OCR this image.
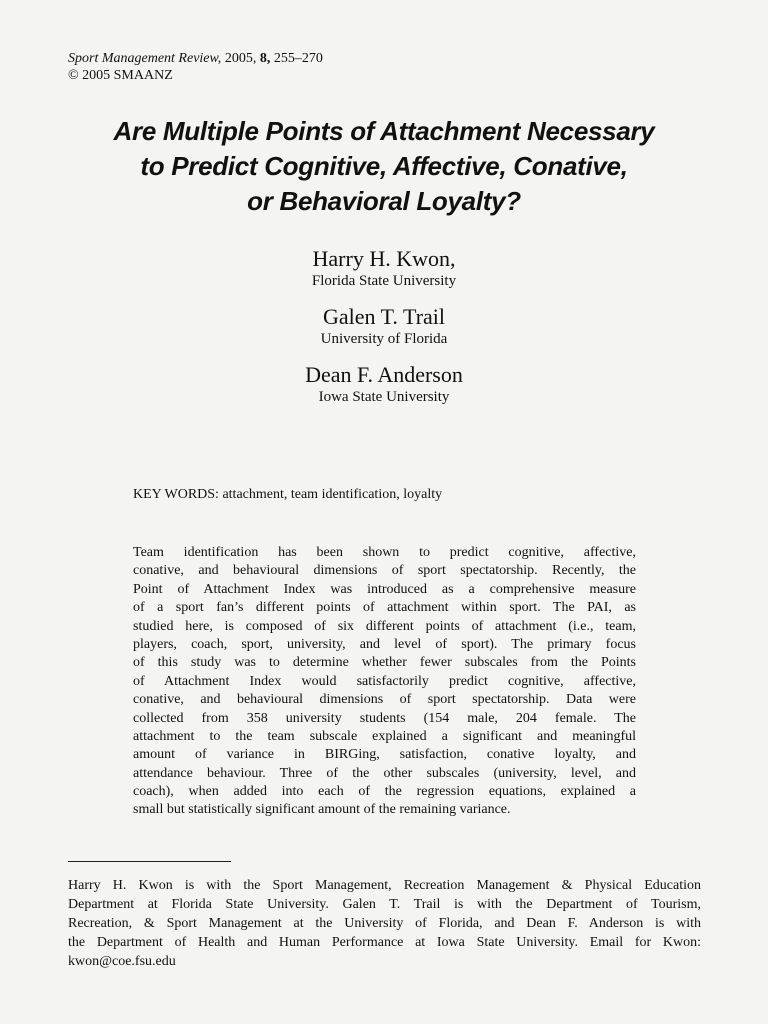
Sport Management Review, 2005, 8, 255–270
© 2005 SMAANZ
Are Multiple Points of Attachment Necessary
to Predict Cognitive, Affective, Conative,
or Behavioral Loyalty?
Harry H. Kwon,
Florida State University
Galen T. Trail
University of Florida
Dean F. Anderson
Iowa State University
KEY WORDS: attachment, team identification, loyalty
Team identification has been shown to predict cognitive, affective,
conative, and behavioural dimensions of sport spectatorship. Recently, the
Point of Attachment Index was introduced as a comprehensive measure
of a sport fan’s different points of attachment within sport. The PAI, as
studied here, is composed of six different points of attachment (i.e., team,
players, coach, sport, university, and level of sport). The primary focus
of this study was to determine whether fewer subscales from the Points
of Attachment Index would satisfactorily predict cognitive, affective,
conative, and behavioural dimensions of sport spectatorship. Data were
collected from 358 university students (154 male, 204 female. The
attachment to the team subscale explained a significant and meaningful
amount of variance in BIRGing, satisfaction, conative loyalty, and
attendance behaviour. Three of the other subscales (university, level, and
coach), when added into each of the regression equations, explained a
small but statistically significant amount of the remaining variance.
Harry H. Kwon is with the Sport Management, Recreation Management & Physical Education
Department at Florida State University. Galen T. Trail is with the Department of Tourism,
Recreation, & Sport Management at the University of Florida, and Dean F. Anderson is with
the Department of Health and Human Performance at Iowa State University. Email for Kwon:
kwon@coe.fsu.edu
